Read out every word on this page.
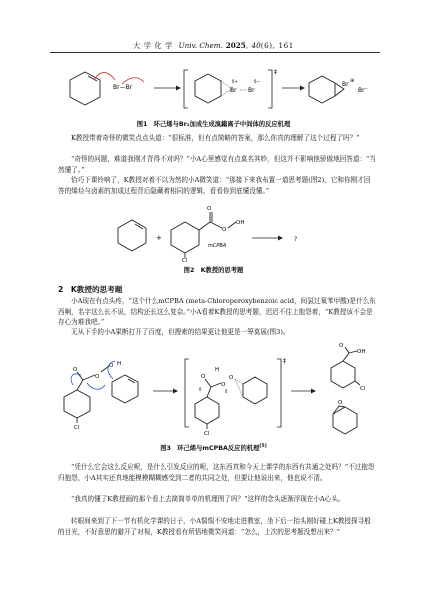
大 学 化 学 Univ. Chem. 2025, 40(6), 161
Br—Br	Br Br
δ+	δ−
‡
Br ⊕
Br⁻
图1　环己烯与Br₂加成生成溴鎓离子中间体的反应机理
K教授带着奇怪的微笑点点头道：“很标准，但有点简略的答案，那么你真的理解了这个过程了吗？”
“奇怪的问题，难道我刚才背得不对吗？”小A心里感觉有点莫名其妙，但这并不影响他骄傲地回答道：“当然懂了。”
恰巧下课铃响了，K教授对着不以为然的小A微笑道：“那接下来我布置一道思考题(图2)，它和你刚才回答的烯烃与卤素的加成过程背后隐藏着相同的逻辑，看看你到底懂没懂。”
+
O
O
OH
Cl
mCPBA
?
图2　K教授的思考题
2　K教授的思考题
小A现在有点头疼，“这个什么mCPBA (meta-Chloroperoxybenzoic acid，间氯过氧苯甲酸)是什么东西啊，名字这么长不说，结构还长这么复杂。”小A看着K教授的思考题，迟迟不往上抱怨着，“K教授该不会是存心为难我吧。”
无从下手的小A果断打开了百度，但搜索的结果更让他更是一筹莫展(图3)。
O
O
O H
Cl
O
O
O
H
Cl
δ	δ
‡
O
OH
Cl
O
图3　环己烯与mCPBA反应的机理[5]
“凭什么它会这么反应呢，是什么引发反应的呢，这东西真和今天上课学的东西有共通之处吗？”不过抱怨归抱怨，小A其实还真地能模模糊糊感受到二者的共同之处，但要让他说出来，他也说不清。
“我真的懂了K教授画的那个看上去简简单单的机理图了吗？”这样的念头逐渐浮现在小A心头。
转眼间来到了下一节有机化学课的日子，小A惴惴不安地走进教室，坐下后一抬头刚好碰上K教授探寻般的目光，不好意思的避开了对视，K教授看有所悟地微笑问道：“怎么，上次的思考题没想出来？”
